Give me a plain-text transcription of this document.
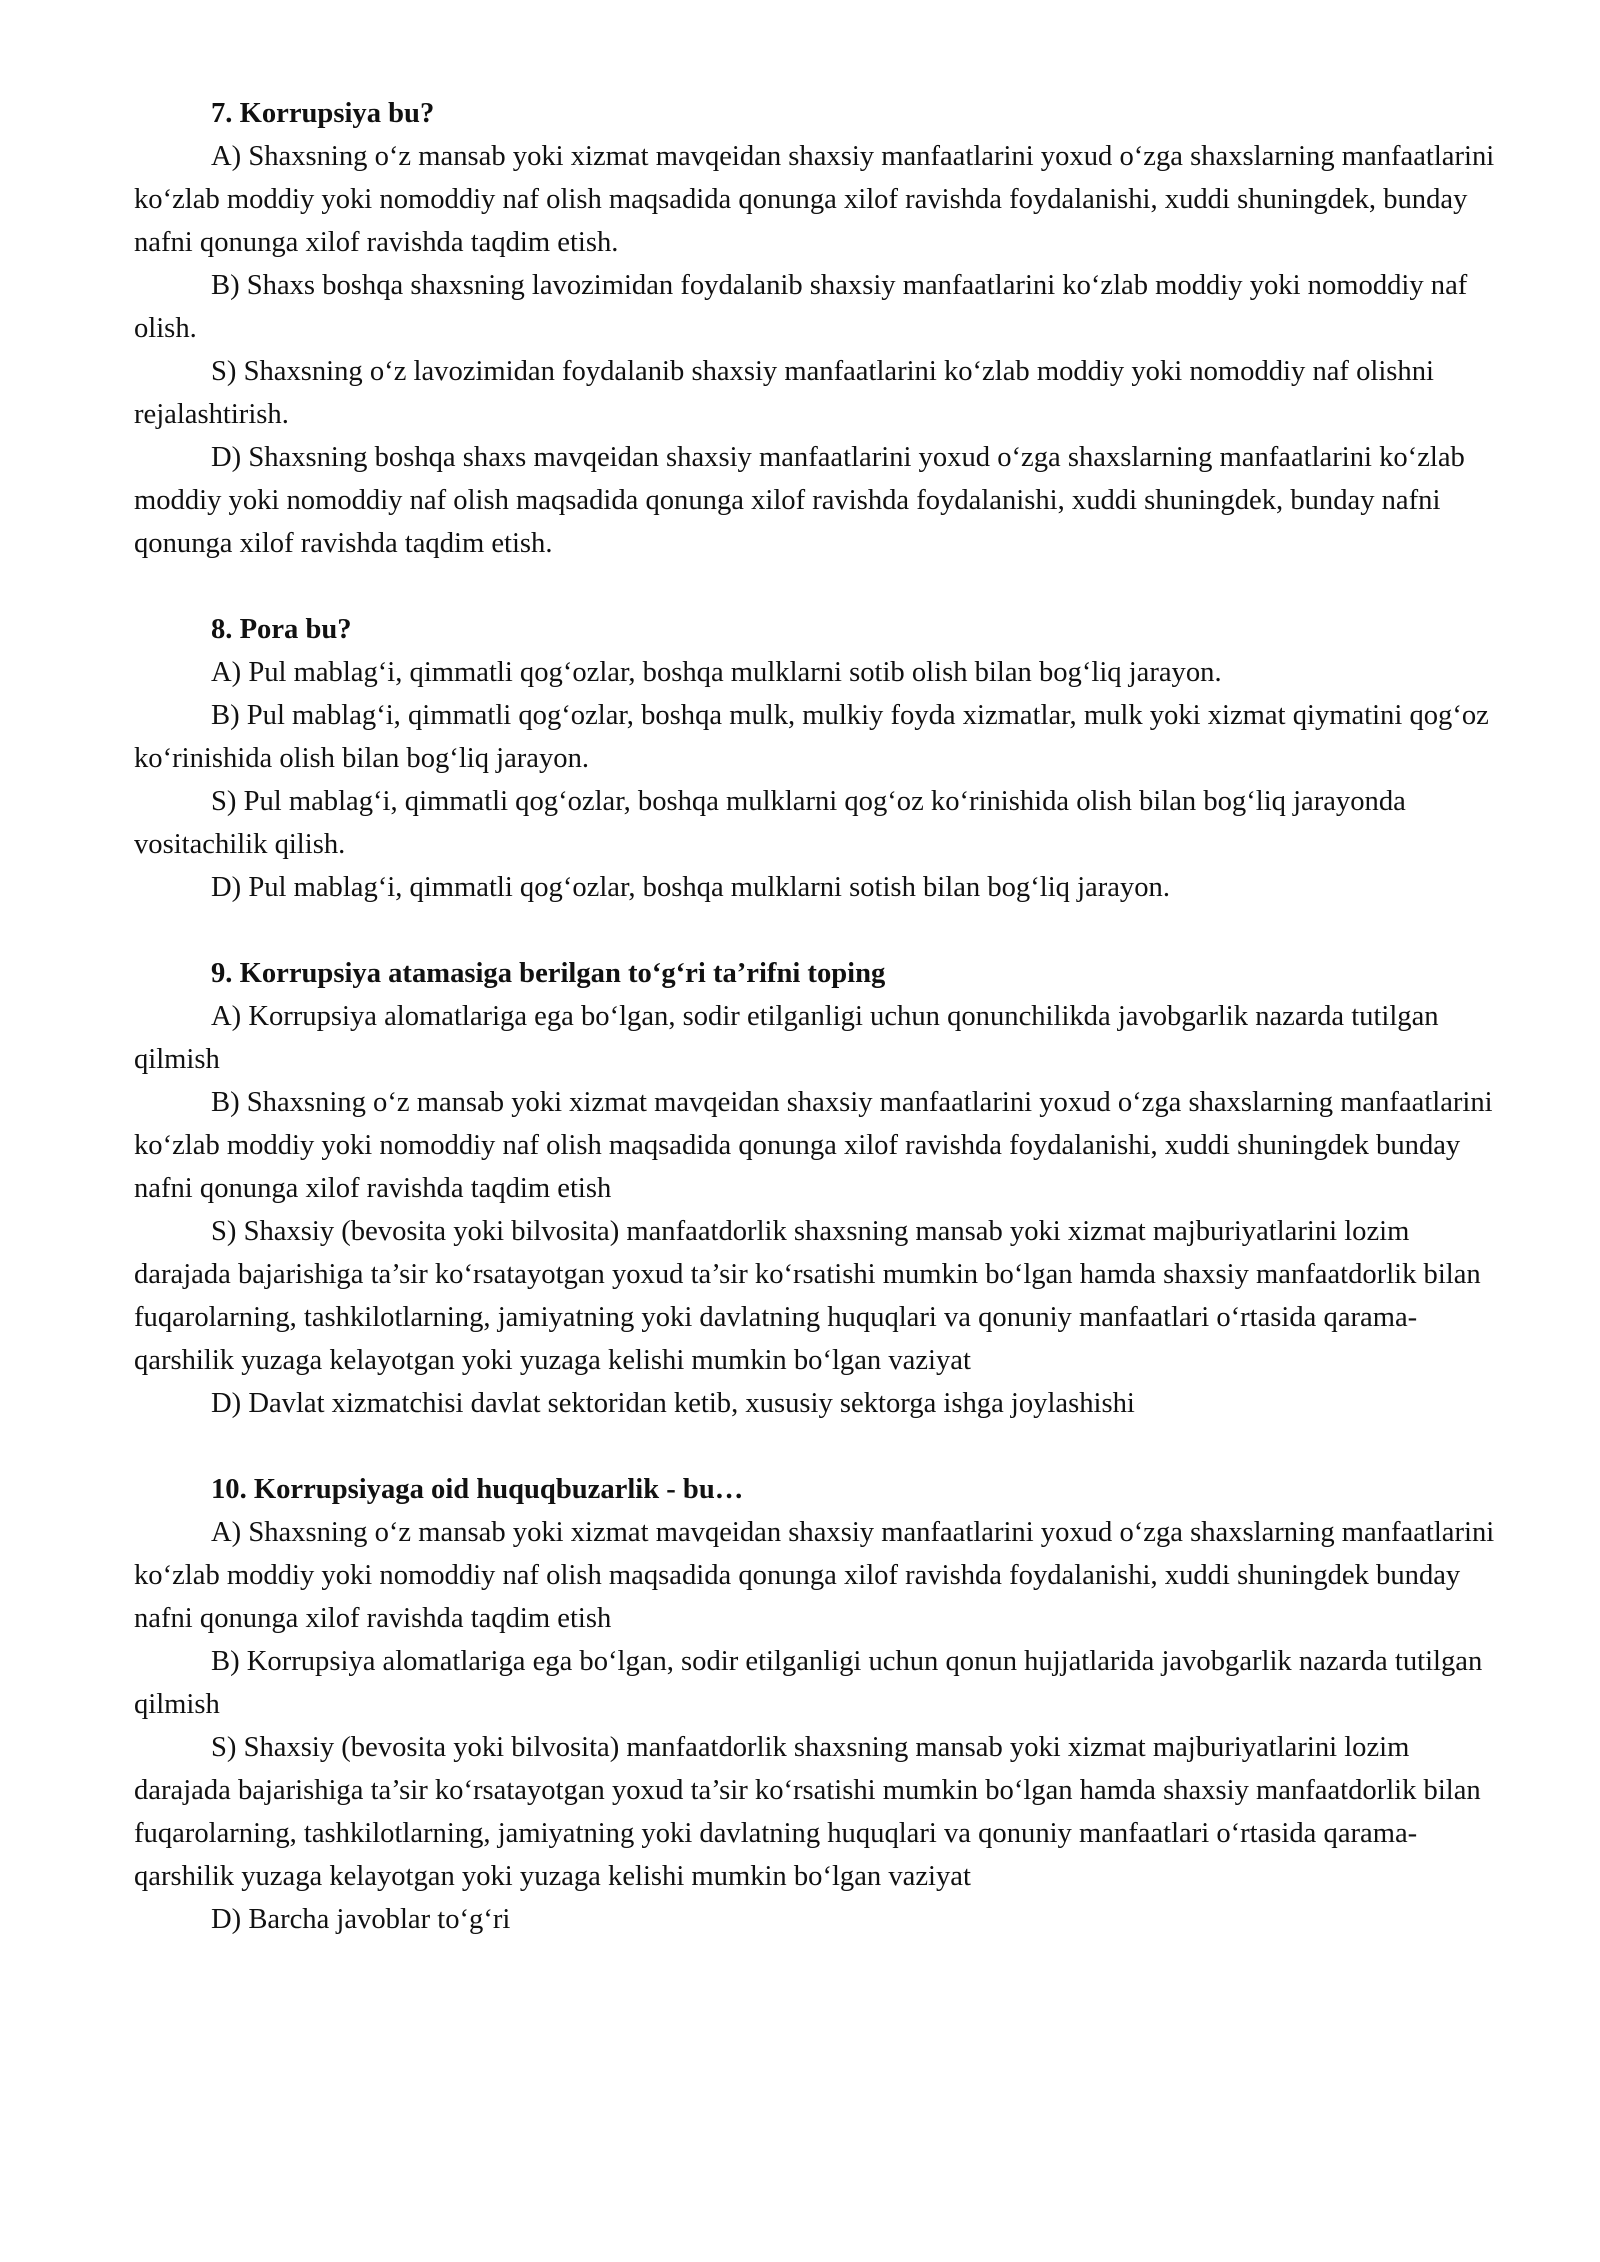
7. Korrupsiya bu?

A) Shaxsning o‘z mansab yoki xizmat mavqeidan shaxsiy manfaatlarini yoxud o‘zga shaxslarning manfaatlarini ko‘zlab moddiy yoki nomoddiy naf olish maqsadida qonunga xilof ravishda foydalanishi, xuddi shuningdek, bunday nafni qonunga xilof ravishda taqdim etish.

B) Shaxs boshqa shaxsning lavozimidan foydalanib shaxsiy manfaatlarini ko‘zlab moddiy yoki nomoddiy naf olish.

S) Shaxsning o‘z lavozimidan foydalanib shaxsiy manfaatlarini ko‘zlab moddiy yoki nomoddiy naf olishni rejalashtirish.

D) Shaxsning boshqa shaxs mavqeidan shaxsiy manfaatlarini yoxud o‘zga shaxslarning manfaatlarini ko‘zlab moddiy yoki nomoddiy naf olish maqsadida qonunga xilof ravishda foydalanishi, xuddi shuningdek, bunday nafni qonunga xilof ravishda taqdim etish.

8. Pora bu?

A) Pul mablag‘i, qimmatli qog‘ozlar, boshqa mulklarni sotib olish bilan bog‘liq jarayon.

B) Pul mablag‘i, qimmatli qog‘ozlar, boshqa mulk, mulkiy foyda xizmatlar, mulk yoki xizmat qiymatini qog‘oz ko‘rinishida olish bilan bog‘liq jarayon.

S) Pul mablag‘i, qimmatli qog‘ozlar, boshqa mulklarni qog‘oz ko‘rinishida olish bilan bog‘liq jarayonda vositachilik qilish.

D) Pul mablag‘i, qimmatli qog‘ozlar, boshqa mulklarni sotish bilan bog‘liq jarayon.

9. Korrupsiya atamasiga berilgan to‘g‘ri ta’rifni toping

A) Korrupsiya alomatlariga ega bo‘lgan, sodir etilganligi uchun qonunchilikda javobgarlik nazarda tutilgan qilmish

B) Shaxsning o‘z mansab yoki xizmat mavqeidan shaxsiy manfaatlarini yoxud o‘zga shaxslarning manfaatlarini ko‘zlab moddiy yoki nomoddiy naf olish maqsadida qonunga xilof ravishda foydalanishi, xuddi shuningdek bunday nafni qonunga xilof ravishda taqdim etish

S) Shaxsiy (bevosita yoki bilvosita) manfaatdorlik shaxsning mansab yoki xizmat majburiyatlarini lozim darajada bajarishiga ta’sir ko‘rsatayotgan yoxud ta’sir ko‘rsatishi mumkin bo‘lgan hamda shaxsiy manfaatdorlik bilan fuqarolarning, tashkilotlarning, jamiyatning yoki davlatning huquqlari va qonuniy manfaatlari o‘rtasida qarama-qarshilik yuzaga kelayotgan yoki yuzaga kelishi mumkin bo‘lgan vaziyat

D) Davlat xizmatchisi davlat sektoridan ketib, xususiy sektorga ishga joylashishi

10. Korrupsiyaga oid huquqbuzarlik - bu…

A) Shaxsning o‘z mansab yoki xizmat mavqeidan shaxsiy manfaatlarini yoxud o‘zga shaxslarning manfaatlarini ko‘zlab moddiy yoki nomoddiy naf olish maqsadida qonunga xilof ravishda foydalanishi, xuddi shuningdek bunday nafni qonunga xilof ravishda taqdim etish

B) Korrupsiya alomatlariga ega bo‘lgan, sodir etilganligi uchun qonun hujjatlarida javobgarlik nazarda tutilgan qilmish

S) Shaxsiy (bevosita yoki bilvosita) manfaatdorlik shaxsning mansab yoki xizmat majburiyatlarini lozim darajada bajarishiga ta’sir ko‘rsatayotgan yoxud ta’sir ko‘rsatishi mumkin bo‘lgan hamda shaxsiy manfaatdorlik bilan fuqarolarning, tashkilotlarning, jamiyatning yoki davlatning huquqlari va qonuniy manfaatlari o‘rtasida qarama-qarshilik yuzaga kelayotgan yoki yuzaga kelishi mumkin bo‘lgan vaziyat

D) Barcha javoblar to‘g‘ri
